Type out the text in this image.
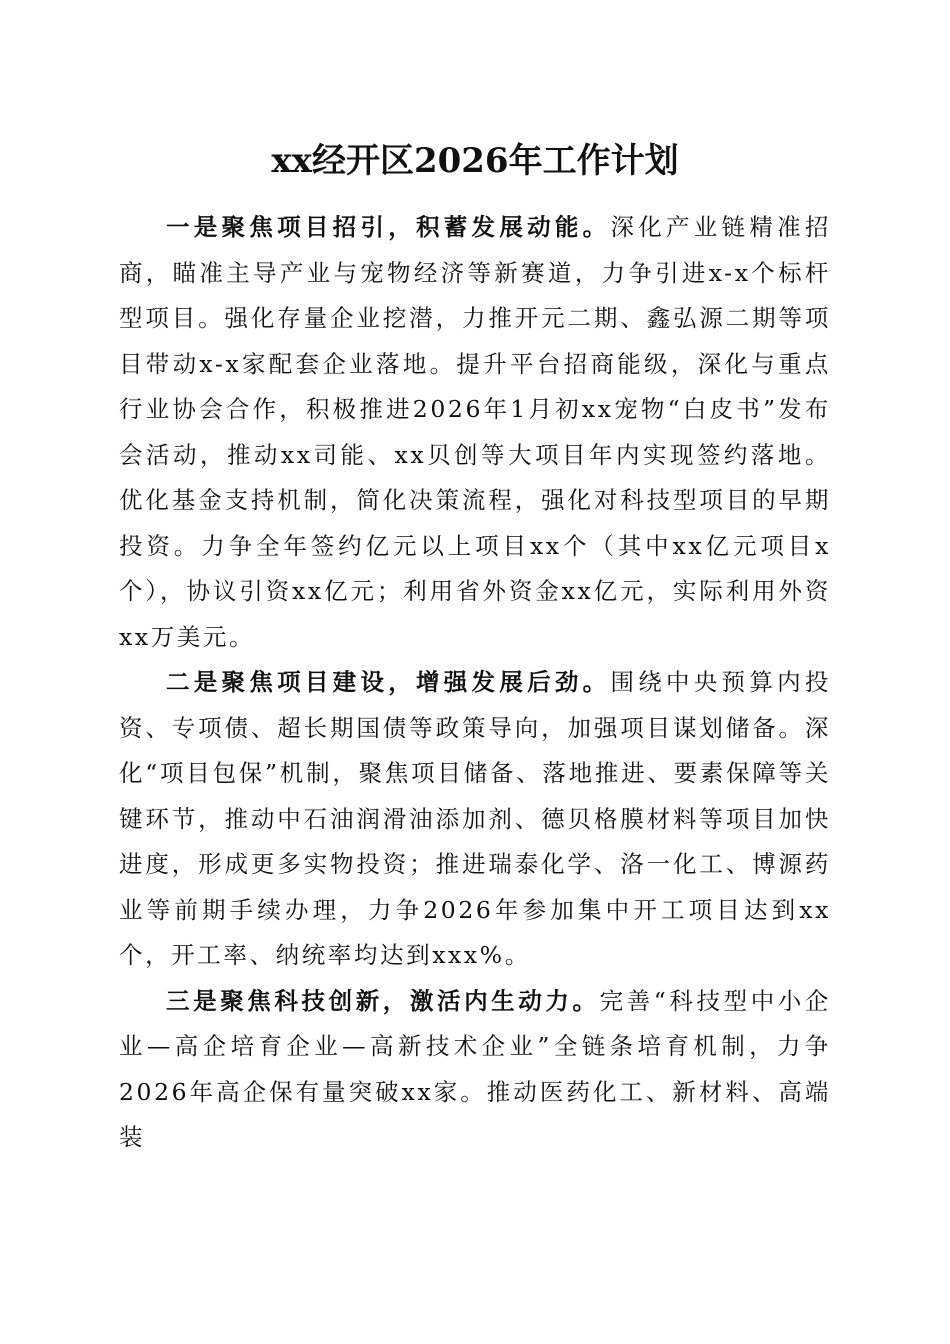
xx经开区2026年工作计划

一是聚焦项目招引，积蓄发展动能。深化产业链精准招商，瞄准主导产业与宠物经济等新赛道，力争引进x-x个标杆型项目。强化存量企业挖潜，力推开元二期、鑫弘源二期等项目带动x-x家配套企业落地。提升平台招商能级，深化与重点行业协会合作，积极推进2026年1月初xx宠物“白皮书”发布会活动，推动xx司能、xx贝创等大项目年内实现签约落地。优化基金支持机制，简化决策流程，强化对科技型项目的早期投资。力争全年签约亿元以上项目xx个（其中xx亿元项目x个），协议引资xx亿元；利用省外资金xx亿元，实际利用外资xx万美元。

二是聚焦项目建设，增强发展后劲。围绕中央预算内投资、专项债、超长期国债等政策导向，加强项目谋划储备。深化“项目包保”机制，聚焦项目储备、落地推进、要素保障等关键环节，推动中石油润滑油添加剂、德贝格膜材料等项目加快进度，形成更多实物投资；推进瑞泰化学、洛一化工、博源药业等前期手续办理，力争2026年参加集中开工项目达到xx个，开工率、纳统率均达到xxx%。

三是聚焦科技创新，激活内生动力。完善“科技型中小企业—高企培育企业—高新技术企业”全链条培育机制，力争2026年高企保有量突破xx家。推动医药化工、新材料、高端装
